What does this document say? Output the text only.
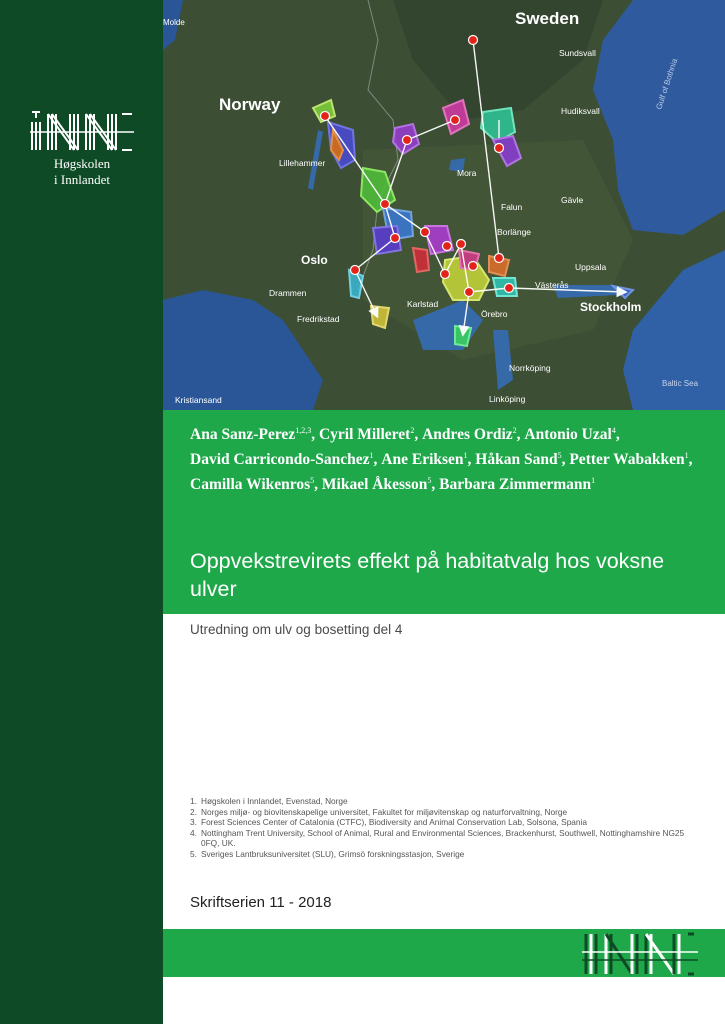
Høgskolen
i Innlandet
Sweden
Norway
Oslo
Stockholm
Molde
Sundsvall
Hudiksvall
Gulf of Bothnia
Lillehammer
Mora
Falun
Gävle
Borlänge
Uppsala
Västerås
Drammen
Fredrikstad
Karlstad
Örebro
Norrköping
Linköping
Kristiansand
Baltic Sea
Ana Sanz-Perez$^{1,2,3}$, Cyril Milleret$^2$, Andres Ordiz$^2$, Antonio Uzal$^4$, David Carricondo-Sanchez$^1$, Ane Eriksen$^1$, Håkan Sand$^5$, Petter Wabakken$^1$, Camilla Wikenros$^5$, Mikael Åkesson$^5$, Barbara Zimmermann$^1$
Oppvekstrevirets effekt på habitatvalg hos voksne ulver
Utredning om ulv og bosetting del 4
1. Høgskolen i Innlandet, Evenstad, Norge
2. Norges miljø- og biovitenskapelige universitet, Fakultet for miljøvitenskap og naturforvaltning, Norge
3. Forest Sciences Center of Catalonia (CTFC), Biodiversity and Animal Conservation Lab, Solsona, Spania
4. Nottingham Trent University, School of Animal, Rural and Environmental Sciences, Brackenhurst, Southwell, Nottinghamshire NG25 0FQ, UK.
5. Sveriges Lantbruksuniversitet (SLU), Grimsö forskningsstasjon, Sverige
Skriftserien 11 - 2018
